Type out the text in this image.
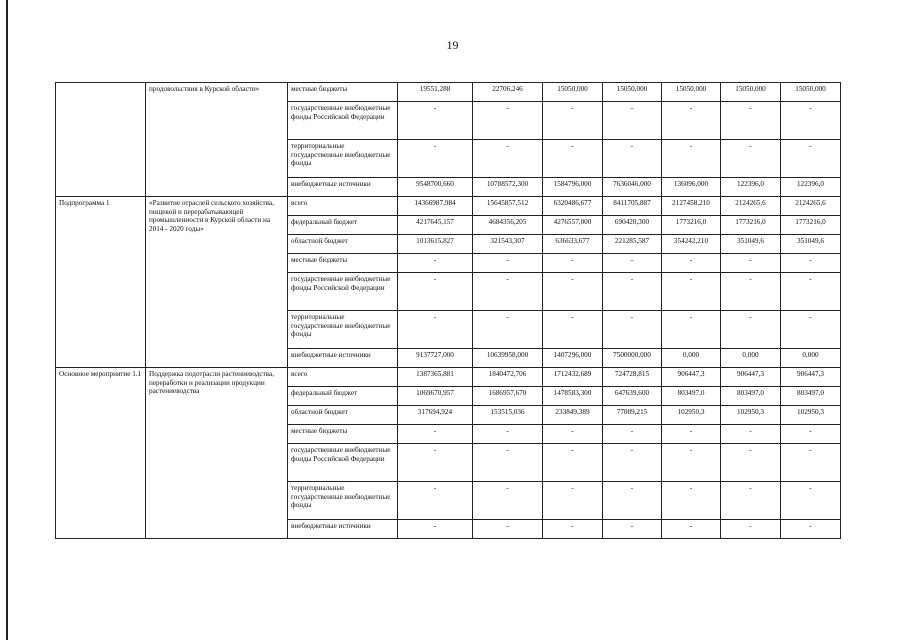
19
	продовольствия в Курской области»	местные бюджеты	19551,288	22706,246	15050,000	15050,000	15050,000	15050,000	15050,000
		государственные внебюджетные фонды Российской Федерации	-	-	-	-	-	-	-
		территориальные государственные внебюджетные фонды	-	-	-	-	-	-	-
		внебюджетные источники	9548700,660	10788572,300	1584796,000	7636046,000	136096,000	122396,0	122396,0
Подпрограмма 1	«Развитие отраслей сельского хозяйства, пищевой и перерабатывающей промышленности в Курской области на 2014 - 2020 годы»	всего	14366987,984	15645857,512	6320486,677	8411705,887	2127458,210	2124265,6	2124265,6
		федеральный бюджет	4217645,157	4684356,205	4276557,000	690420,300	1773216,0	1773216,0	1773216,0
		областной бюджет	1013615,827	321543,307	636633,677	221285,587	354242,210	351049,6	351049,6
		местные бюджеты	-	-	-	-	-	-	-
		государственные внебюджетные фонды Российской Федерации	-	-	-	-	-	-	-
		территориальные государственные внебюджетные фонды	-	-	-	-	-	-	-
		внебюджетные источники	9137727,000	10639958,000	1407296,000	7500000,000	0,000	0,000	0,000
Основное мероприятие 1.1	Поддержка подотрасли растениеводства, переработки и реализации продукции растениеводства	всего	1387365,881	1840472,706	1712432,689	724728,815	906447,3	906447,3	906447,3
		федеральный бюджет	1069670,957	1686957,670	1478583,300	647639,600	803497,0	803497,0	803497,0
		областной бюджет	317694,924	153515,036	233849,389	77089,215	102950,3	102950,3	102950,3
		местные бюджеты	-	-	-	-	-	-	-
		государственные внебюджетные фонды Российской Федерации	-	-	-	-	-	-	-
		территориальные государственные внебюджетные фонды	-	-	-	-	-	-	-
		внебюджетные источники	-	-	-	-	-	-	-
